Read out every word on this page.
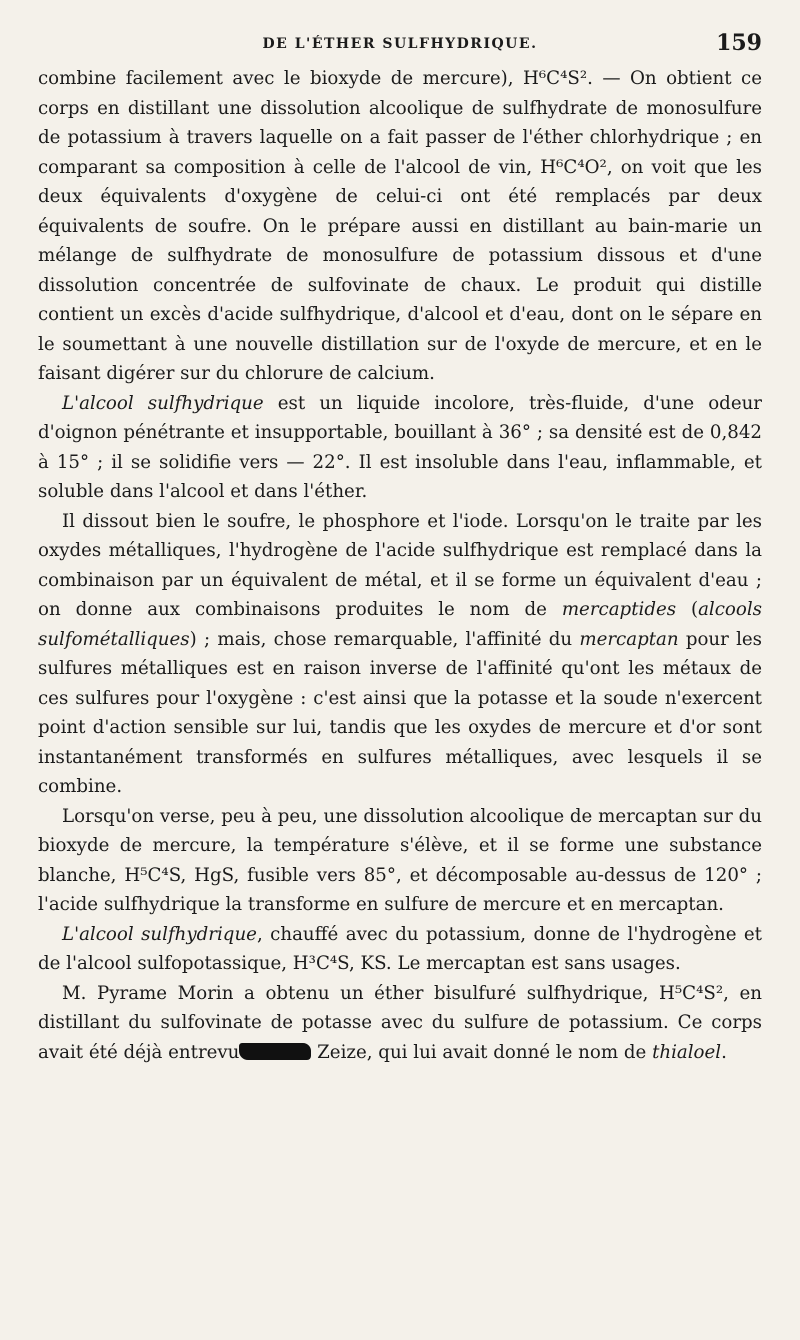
DE L'ÉTHER SULFHYDRIQUE.	159

combine facilement avec le bioxyde de mercure), H⁶C⁴S². — On obtient ce corps en distillant une dissolution alcoolique de sulfhydrate de monosulfure de potassium à travers laquelle on a fait passer de l'éther chlorhydrique ; en comparant sa composition à celle de l'alcool de vin, H⁶C⁴O², on voit que les deux équivalents d'oxygène de celui-ci ont été remplacés par deux équivalents de soufre. On le prépare aussi en distillant au bain-marie un mélange de sulfhydrate de monosulfure de potassium dissous et d'une dissolution concentrée de sulfovinate de chaux. Le produit qui distille contient un excès d'acide sulfhydrique, d'alcool et d'eau, dont on le sépare en le soumettant à une nouvelle distillation sur de l'oxyde de mercure, et en le faisant digérer sur du chlorure de calcium.

L'alcool sulfhydrique est un liquide incolore, très-fluide, d'une odeur d'oignon pénétrante et insupportable, bouillant à 36° ; sa densité est de 0,842 à 15° ; il se solidifie vers — 22°. Il est insoluble dans l'eau, inflammable, et soluble dans l'alcool et dans l'éther.

Il dissout bien le soufre, le phosphore et l'iode. Lorsqu'on le traite par les oxydes métalliques, l'hydrogène de l'acide sulfhydrique est remplacé dans la combinaison par un équivalent de métal, et il se forme un équivalent d'eau ; on donne aux combinaisons produites le nom de mercaptides (alcools sulfométalliques) ; mais, chose remarquable, l'affinité du mercaptan pour les sulfures métalliques est en raison inverse de l'affinité qu'ont les métaux de ces sulfures pour l'oxygène : c'est ainsi que la potasse et la soude n'exercent point d'action sensible sur lui, tandis que les oxydes de mercure et d'or sont instantanément transformés en sulfures métalliques, avec lesquels il se combine.

Lorsqu'on verse, peu à peu, une dissolution alcoolique de mercaptan sur du bioxyde de mercure, la température s'élève, et il se forme une substance blanche, H⁵C⁴S, HgS, fusible vers 85°, et décomposable au-dessus de 120° ; l'acide sulfhydrique la transforme en sulfure de mercure et en mercaptan.

L'alcool sulfhydrique, chauffé avec du potassium, donne de l'hydrogène et de l'alcool sulfopotassique, H³C⁴S, KS. Le mercaptan est sans usages.

M. Pyrame Morin a obtenu un éther bisulfuré sulfhydrique, H⁵C⁴S², en distillant du sulfovinate de potasse avec du sulfure de potassium. Ce corps avait été déjà entrevu	Zeize, qui lui avait donné le nom de thialoel.
